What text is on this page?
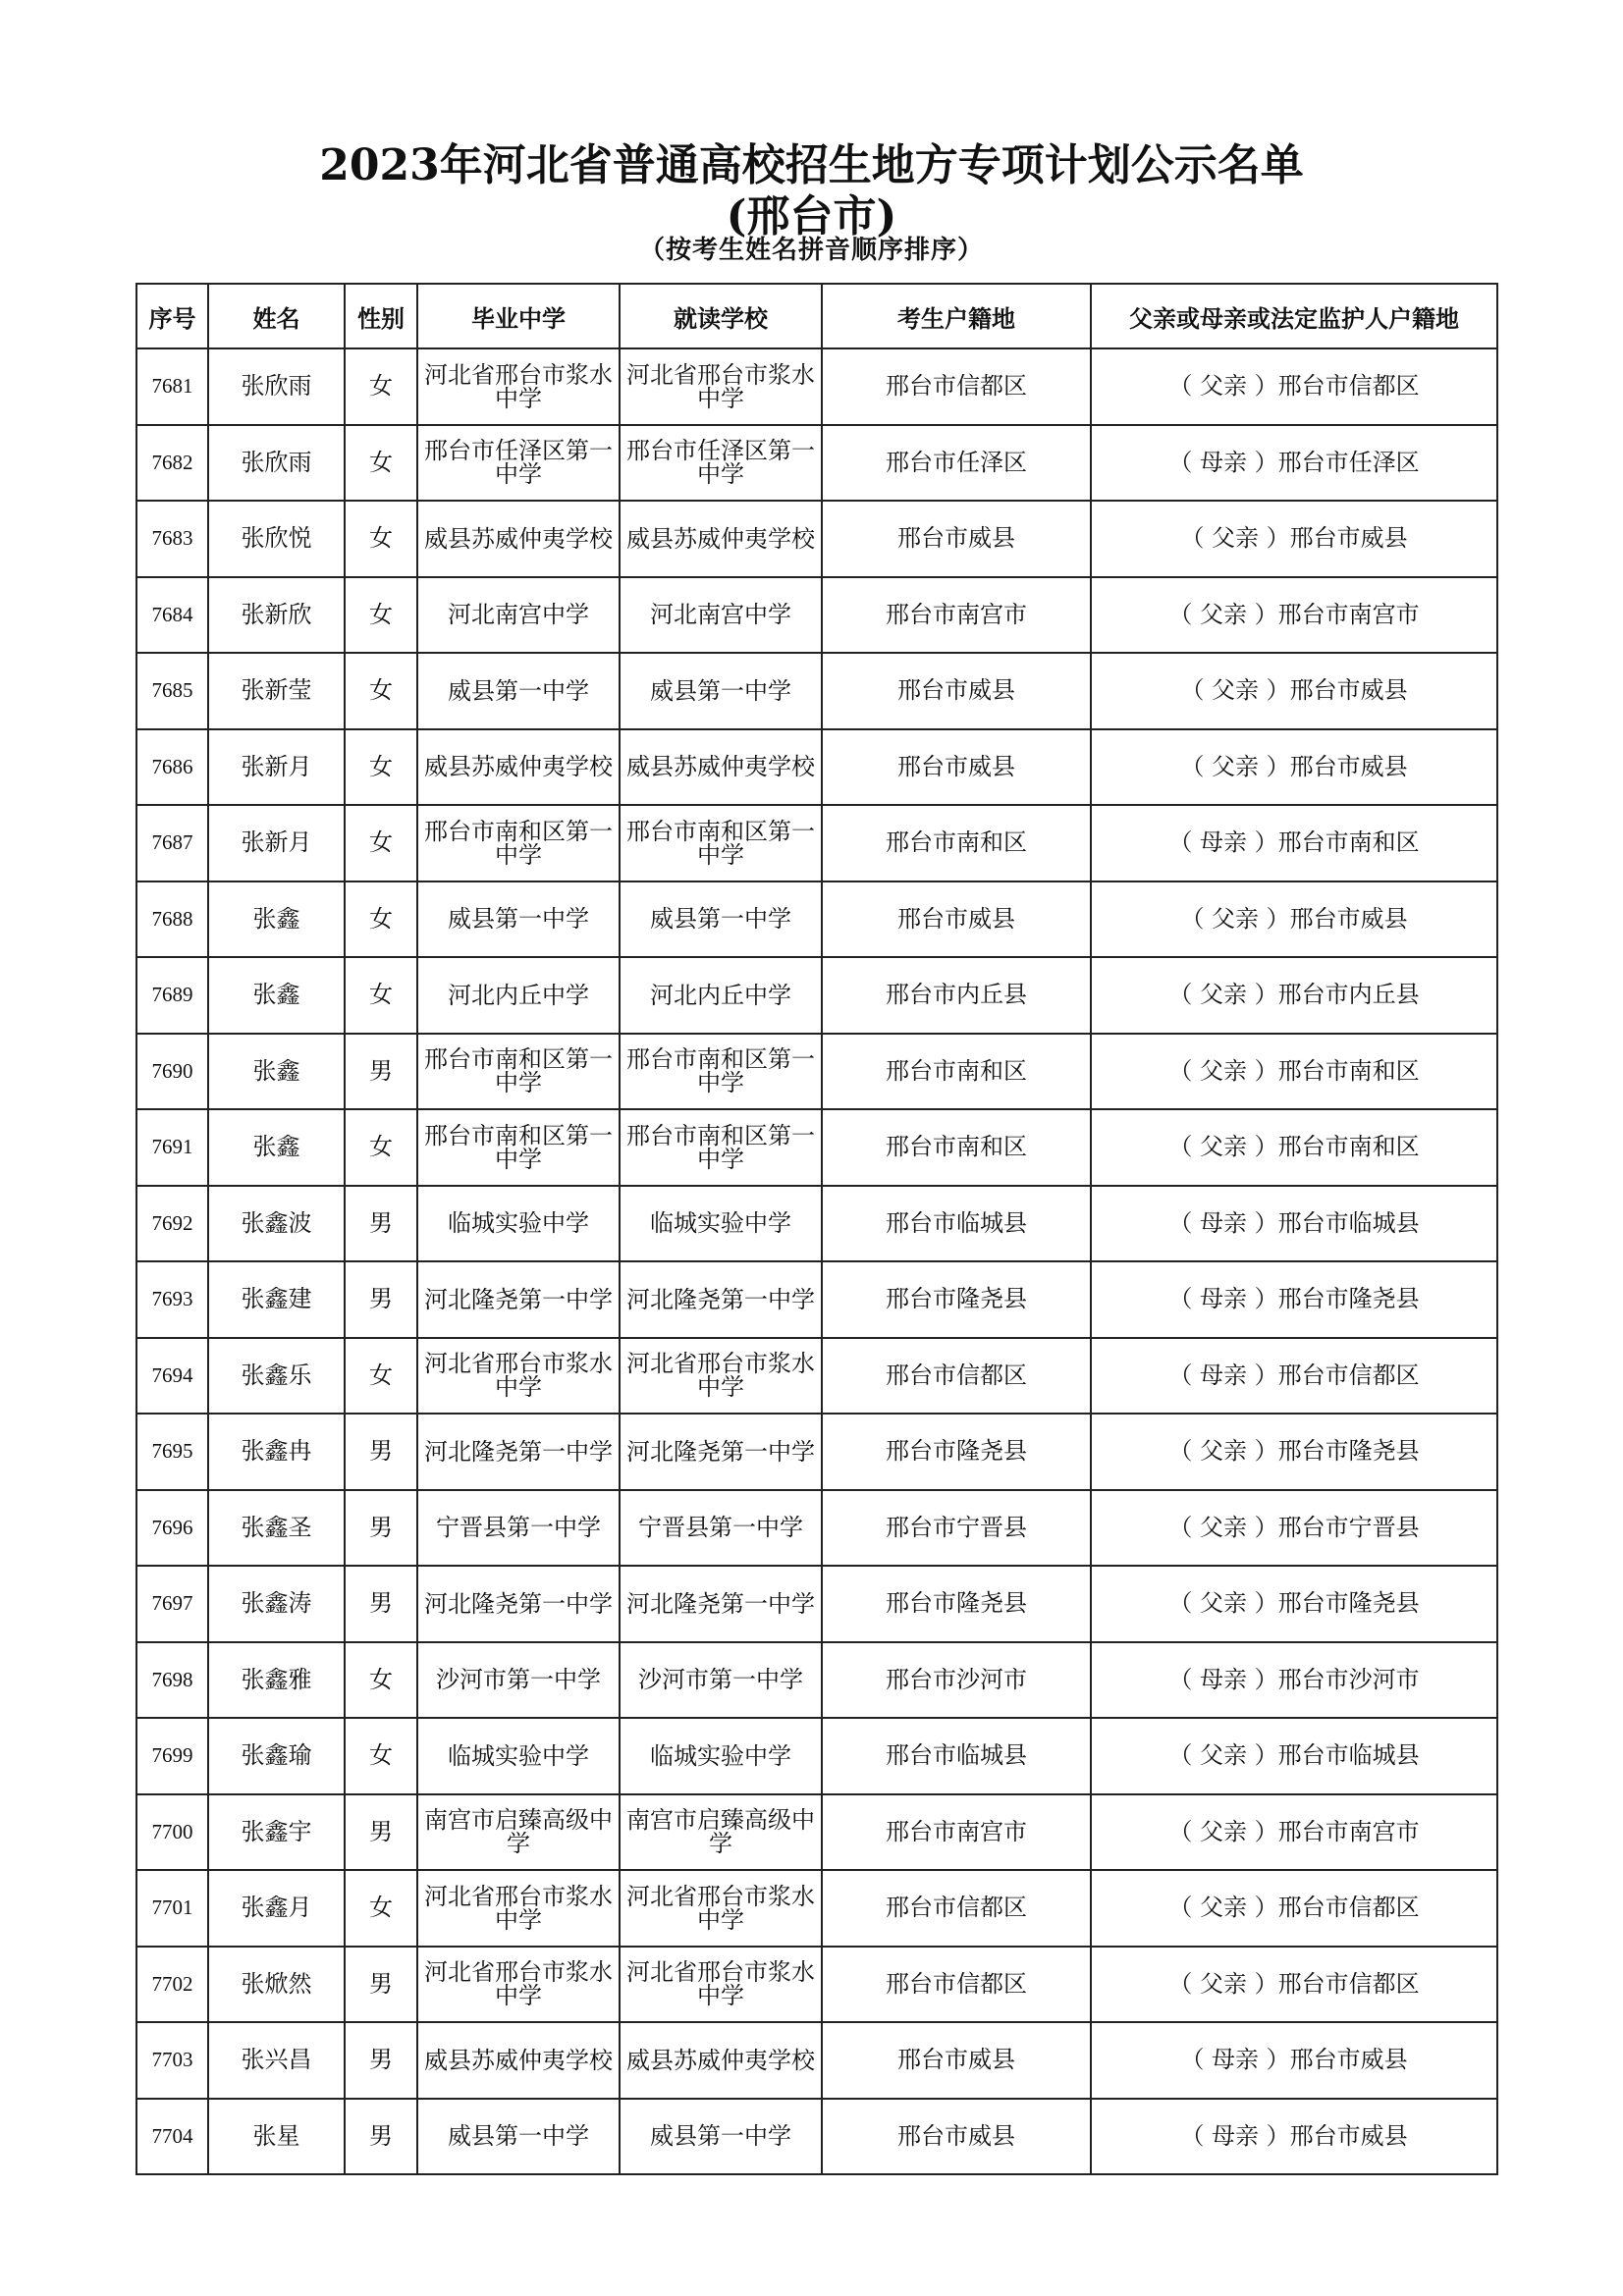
2023年河北省普通高校招生地方专项计划公示名单
(邢台市)
（按考生姓名拼音顺序排序）
序号	姓名	性别	毕业中学	就读学校	考生户籍地	父亲或母亲或法定监护人户籍地
7681	张欣雨	女	河北省邢台市浆水中学	河北省邢台市浆水中学	邢台市信都区	（ 父亲 ）邢台市信都区
7682	张欣雨	女	邢台市任泽区第一中学	邢台市任泽区第一中学	邢台市任泽区	（ 母亲 ）邢台市任泽区
7683	张欣悦	女	威县苏威仲夷学校	威县苏威仲夷学校	邢台市威县	（ 父亲 ）邢台市威县
7684	张新欣	女	河北南宫中学	河北南宫中学	邢台市南宫市	（ 父亲 ）邢台市南宫市
7685	张新莹	女	威县第一中学	威县第一中学	邢台市威县	（ 父亲 ）邢台市威县
7686	张新月	女	威县苏威仲夷学校	威县苏威仲夷学校	邢台市威县	（ 父亲 ）邢台市威县
7687	张新月	女	邢台市南和区第一中学	邢台市南和区第一中学	邢台市南和区	（ 母亲 ）邢台市南和区
7688	张鑫	女	威县第一中学	威县第一中学	邢台市威县	（ 父亲 ）邢台市威县
7689	张鑫	女	河北内丘中学	河北内丘中学	邢台市内丘县	（ 父亲 ）邢台市内丘县
7690	张鑫	男	邢台市南和区第一中学	邢台市南和区第一中学	邢台市南和区	（ 父亲 ）邢台市南和区
7691	张鑫	女	邢台市南和区第一中学	邢台市南和区第一中学	邢台市南和区	（ 父亲 ）邢台市南和区
7692	张鑫波	男	临城实验中学	临城实验中学	邢台市临城县	（ 母亲 ）邢台市临城县
7693	张鑫建	男	河北隆尧第一中学	河北隆尧第一中学	邢台市隆尧县	（ 母亲 ）邢台市隆尧县
7694	张鑫乐	女	河北省邢台市浆水中学	河北省邢台市浆水中学	邢台市信都区	（ 母亲 ）邢台市信都区
7695	张鑫冉	男	河北隆尧第一中学	河北隆尧第一中学	邢台市隆尧县	（ 父亲 ）邢台市隆尧县
7696	张鑫圣	男	宁晋县第一中学	宁晋县第一中学	邢台市宁晋县	（ 父亲 ）邢台市宁晋县
7697	张鑫涛	男	河北隆尧第一中学	河北隆尧第一中学	邢台市隆尧县	（ 父亲 ）邢台市隆尧县
7698	张鑫雅	女	沙河市第一中学	沙河市第一中学	邢台市沙河市	（ 母亲 ）邢台市沙河市
7699	张鑫瑜	女	临城实验中学	临城实验中学	邢台市临城县	（ 父亲 ）邢台市临城县
7700	张鑫宇	男	南宫市启臻高级中学	南宫市启臻高级中学	邢台市南宫市	（ 父亲 ）邢台市南宫市
7701	张鑫月	女	河北省邢台市浆水中学	河北省邢台市浆水中学	邢台市信都区	（ 父亲 ）邢台市信都区
7702	张焮然	男	河北省邢台市浆水中学	河北省邢台市浆水中学	邢台市信都区	（ 父亲 ）邢台市信都区
7703	张兴昌	男	威县苏威仲夷学校	威县苏威仲夷学校	邢台市威县	（ 母亲 ）邢台市威县
7704	张星	男	威县第一中学	威县第一中学	邢台市威县	（ 母亲 ）邢台市威县
